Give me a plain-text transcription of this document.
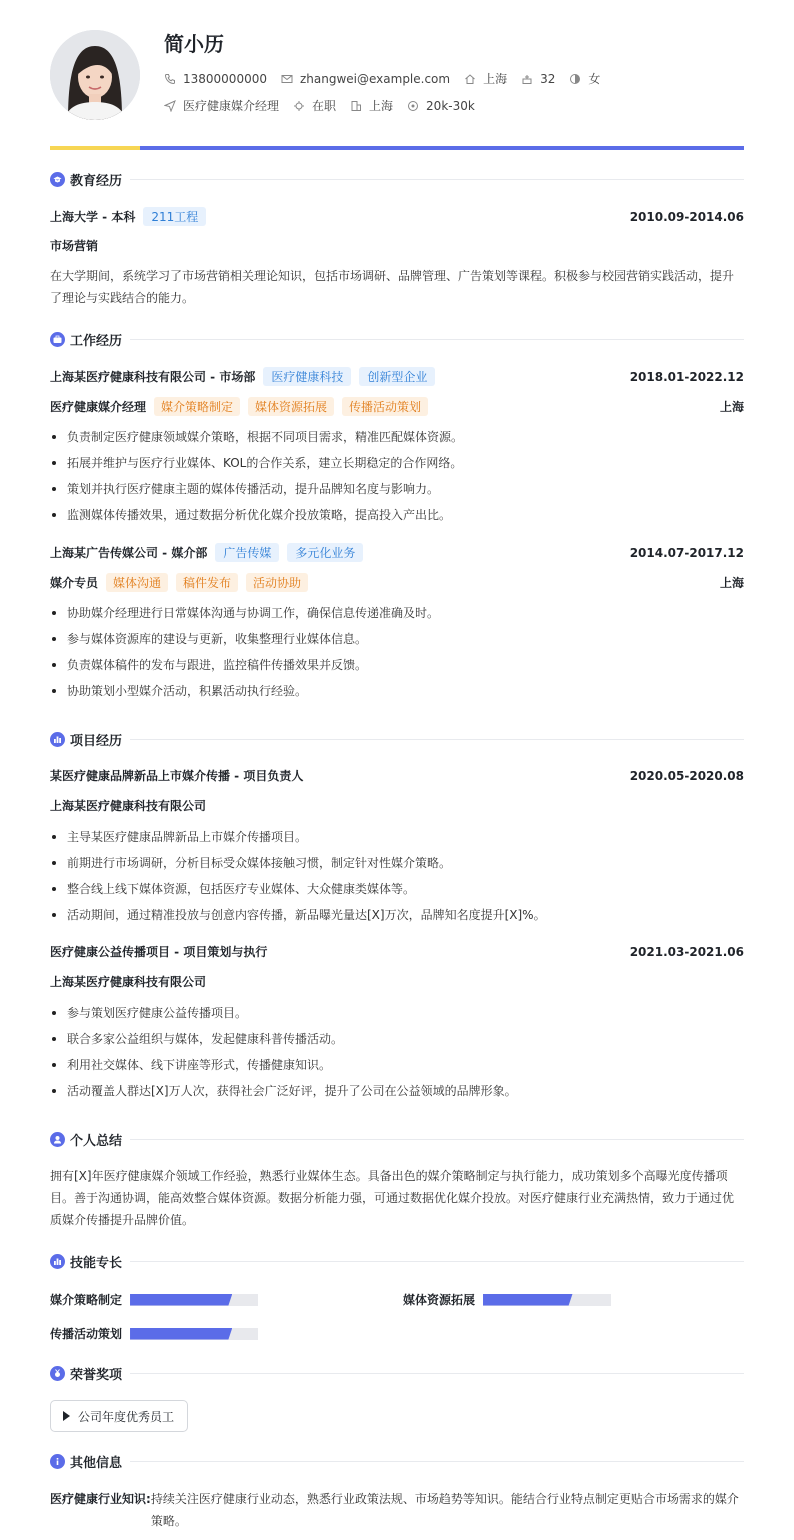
简小历
13800000000	zhangwei@example.com	上海	32	女
医疗健康媒介经理	在职	上海	20k-30k
教育经历
上海大学 - 本科	211工程	2010.09-2014.06
市场营销
在大学期间，系统学习了市场营销相关理论知识，包括市场调研、品牌管理、广告策划等课程。积极参与校园营销实践活动，提升了理论与实践结合的能力。
工作经历
上海某医疗健康科技有限公司 - 市场部	医疗健康科技	创新型企业	2018.01-2022.12
医疗健康媒介经理	媒介策略制定	媒体资源拓展	传播活动策划	上海
负责制定医疗健康领域媒介策略，根据不同项目需求，精准匹配媒体资源。
拓展并维护与医疗行业媒体、KOL的合作关系，建立长期稳定的合作网络。
策划并执行医疗健康主题的媒体传播活动，提升品牌知名度与影响力。
监测媒体传播效果，通过数据分析优化媒介投放策略，提高投入产出比。
上海某广告传媒公司 - 媒介部	广告传媒	多元化业务	2014.07-2017.12
媒介专员	媒体沟通	稿件发布	活动协助	上海
协助媒介经理进行日常媒体沟通与协调工作，确保信息传递准确及时。
参与媒体资源库的建设与更新，收集整理行业媒体信息。
负责媒体稿件的发布与跟进，监控稿件传播效果并反馈。
协助策划小型媒介活动，积累活动执行经验。
项目经历
某医疗健康品牌新品上市媒介传播 - 项目负责人	2020.05-2020.08
上海某医疗健康科技有限公司
主导某医疗健康品牌新品上市媒介传播项目。
前期进行市场调研，分析目标受众媒体接触习惯，制定针对性媒介策略。
整合线上线下媒体资源，包括医疗专业媒体、大众健康类媒体等。
活动期间，通过精准投放与创意内容传播，新品曝光量达[X]万次，品牌知名度提升[X]%。
医疗健康公益传播项目 - 项目策划与执行	2021.03-2021.06
上海某医疗健康科技有限公司
参与策划医疗健康公益传播项目。
联合多家公益组织与媒体，发起健康科普传播活动。
利用社交媒体、线下讲座等形式，传播健康知识。
活动覆盖人群达[X]万人次，获得社会广泛好评，提升了公司在公益领域的品牌形象。
个人总结
拥有[X]年医疗健康媒介领域工作经验，熟悉行业媒体生态。具备出色的媒介策略制定与执行能力，成功策划多个高曝光度传播项目。善于沟通协调，能高效整合媒体资源。数据分析能力强，可通过数据优化媒介投放。对医疗健康行业充满热情，致力于通过优质媒介传播提升品牌价值。
技能专长
媒介策略制定	媒体资源拓展
传播活动策划
荣誉奖项
公司年度优秀员工
其他信息
医疗健康行业知识: 持续关注医疗健康行业动态，熟悉行业政策法规、市场趋势等知识。能结合行业特点制定更贴合市场需求的媒介策略。
